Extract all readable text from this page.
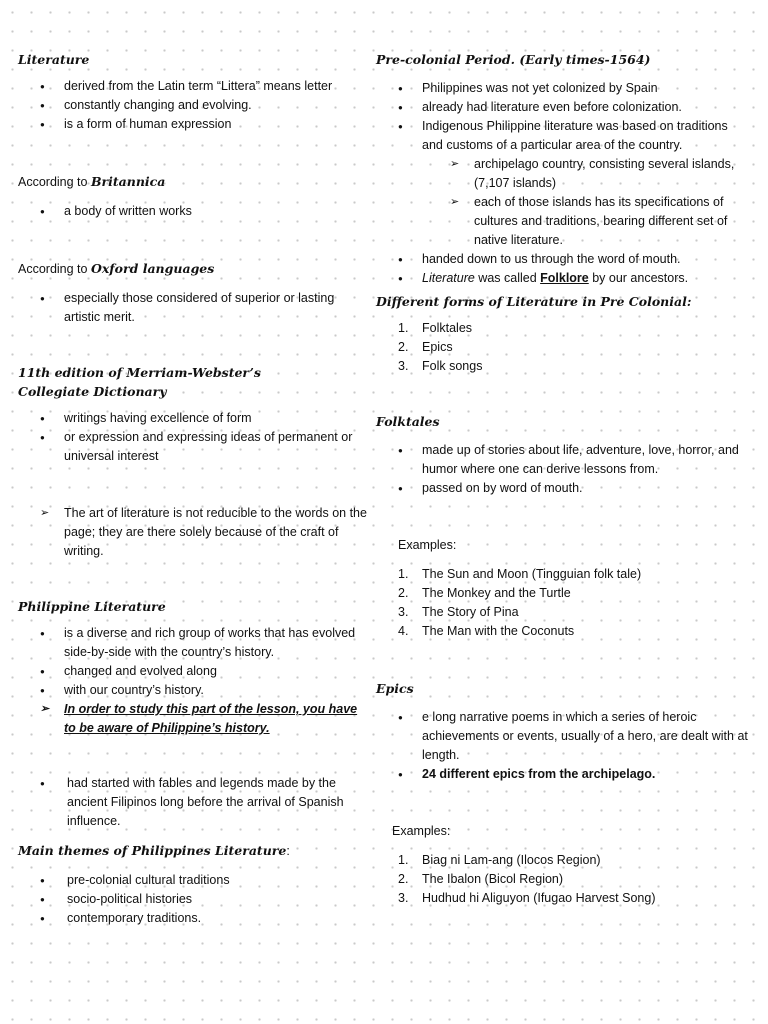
Literature

● derived from the Latin term “Littera” means letter
● constantly changing and evolving.
● is a form of human expression

According to Britannica

● a body of written works

According to Oxford languages

● especially those considered of superior or lasting artistic merit.

11th edition of Merriam-Webster’s Collegiate Dictionary

● writings having excellence of form
● or expression and expressing ideas of permanent or universal interest
➢ The art of literature is not reducible to the words on the page; they are there solely because of the craft of writing.

Philippine Literature

● is a diverse and rich group of works that has evolved side-by-side with the country’s history.
● changed and evolved along
● with our country’s history.
➢ In order to study this part of the lesson, you have to be aware of Philippine’s history.
● had started with fables and legends made by the ancient Filipinos long before the arrival of Spanish influence.

Main themes of Philippines Literature:

● pre-colonial cultural traditions
● socio-political histories
● contemporary traditions.

Pre-colonial Period. (Early times-1564)

● Philippines was not yet colonized by Spain
● already had literature even before colonization.
● Indigenous Philippine literature was based on traditions and customs of a particular area of the country.
➢ archipelago country, consisting several islands, (7,107 islands)
➢ each of those islands has its specifications of cultures and traditions, bearing different set of native literature.
● handed down to us through the word of mouth.
● Literature was called Folklore by our ancestors.

Different forms of Literature in Pre Colonial:

1. Folktales
2. Epics
3. Folk songs

Folktales

● made up of stories about life, adventure, love, horror, and humor where one can derive lessons from.
● passed on by word of mouth.

Examples:

1. The Sun and Moon (Tingguian folk tale)
2. The Monkey and the Turtle
3. The Story of Pina
4. The Man with the Coconuts

Epics

● e long narrative poems in which a series of heroic achievements or events, usually of a hero, are dealt with at length.
● 24 different epics from the archipelago.

Examples:

1. Biag ni Lam-ang (Ilocos Region)
2. The Ibalon (Bicol Region)
3. Hudhud hi Aliguyon (Ifugao Harvest Song)
